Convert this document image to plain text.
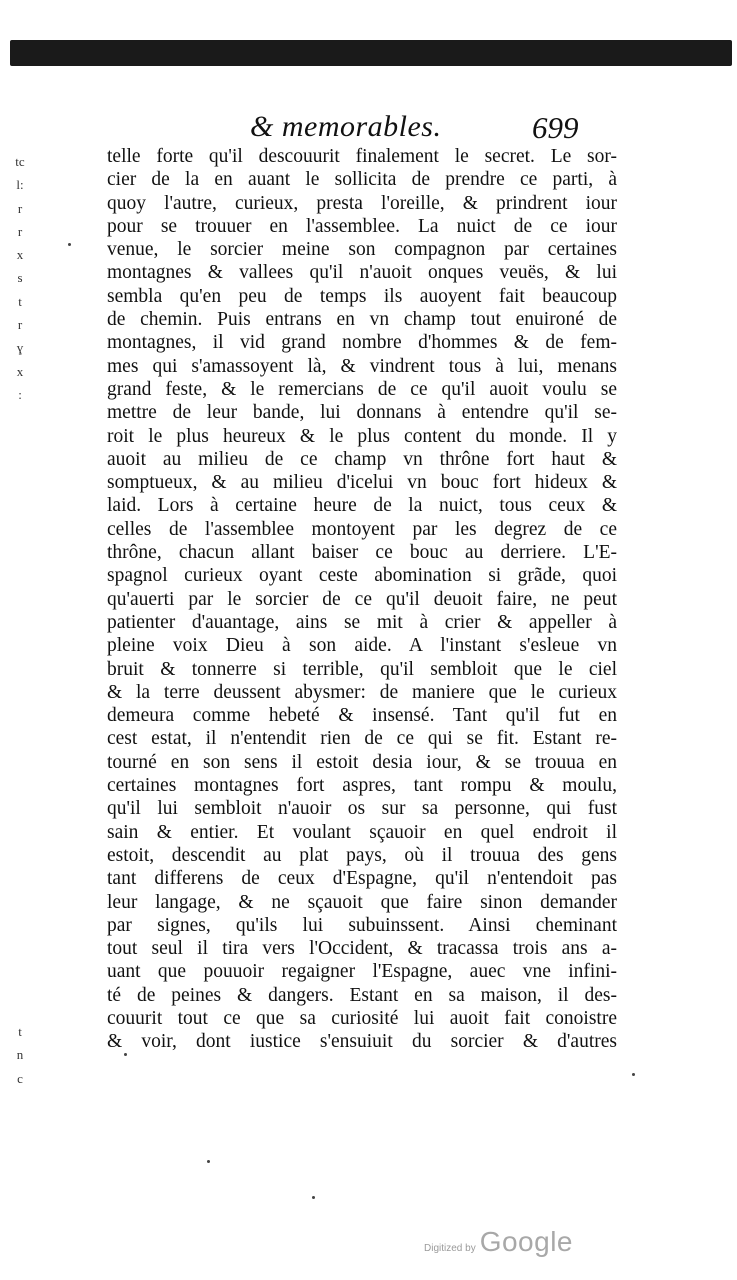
& memorables.	699
tc
l:
r
r
x
s
t
r
ɣ
x
:
telle forte qu'il descouurit finalement le secret. Le sor-
cier de la en auant le sollicita de prendre ce parti, à
quoy l'autre, curieux, presta l'oreille, & prindrent iour
pour se trouuer en l'assemblee. La nuict de ce iour
venue, le sorcier meine son compagnon par certaines
montagnes & vallees qu'il n'auoit onques veuës, & lui
sembla qu'en peu de temps ils auoyent fait beaucoup
de chemin. Puis entrans en vn champ tout enuironé de
montagnes, il vid grand nombre d'hommes & de fem-
mes qui s'amassoyent là, & vindrent tous à lui, menans
grand feste, & le remercians de ce qu'il auoit voulu se
mettre de leur bande, lui donnans à entendre qu'il se-
roit le plus heureux & le plus content du monde. Il y
auoit au milieu de ce champ vn thrône fort haut &
somptueux, & au milieu d'icelui vn bouc fort hideux &
laid. Lors à certaine heure de la nuict, tous ceux &
celles de l'assemblee montoyent par les degrez de ce
thrône, chacun allant baiser ce bouc au derriere. L'E-
spagnol curieux oyant ceste abomination si grãde, quoi
qu'auerti par le sorcier de ce qu'il deuoit faire, ne peut
patienter d'auantage, ains se mit à crier & appeller à
pleine voix Dieu à son aide. A l'instant s'esleue vn
bruit & tonnerre si terrible, qu'il sembloit que le ciel
& la terre deussent abysmer: de maniere que le curieux
demeura comme hebeté & insensé. Tant qu'il fut en
cest estat, il n'entendit rien de ce qui se fit. Estant re-
tourné en son sens il estoit desia iour, & se trouua en
certaines montagnes fort aspres, tant rompu & moulu,
qu'il lui sembloit n'auoir os sur sa personne, qui fust
sain & entier. Et voulant sçauoir en quel endroit il
estoit, descendit au plat pays, où il trouua des gens
tant differens de ceux d'Espagne, qu'il n'entendoit pas
leur langage, & ne sçauoit que faire sinon demander
par signes, qu'ils lui subuinssent. Ainsi cheminant
tout seul il tira vers l'Occident, & tracassa trois ans a-
uant que pouuoir regaigner l'Espagne, auec vne infini-
té de peines & dangers. Estant en sa maison, il des-
couurit tout ce que sa curiosité lui auoit fait conoistre
& voir, dont iustice s'ensuiuit du sorcier & d'autres
t
n
c
Digitized by Google
